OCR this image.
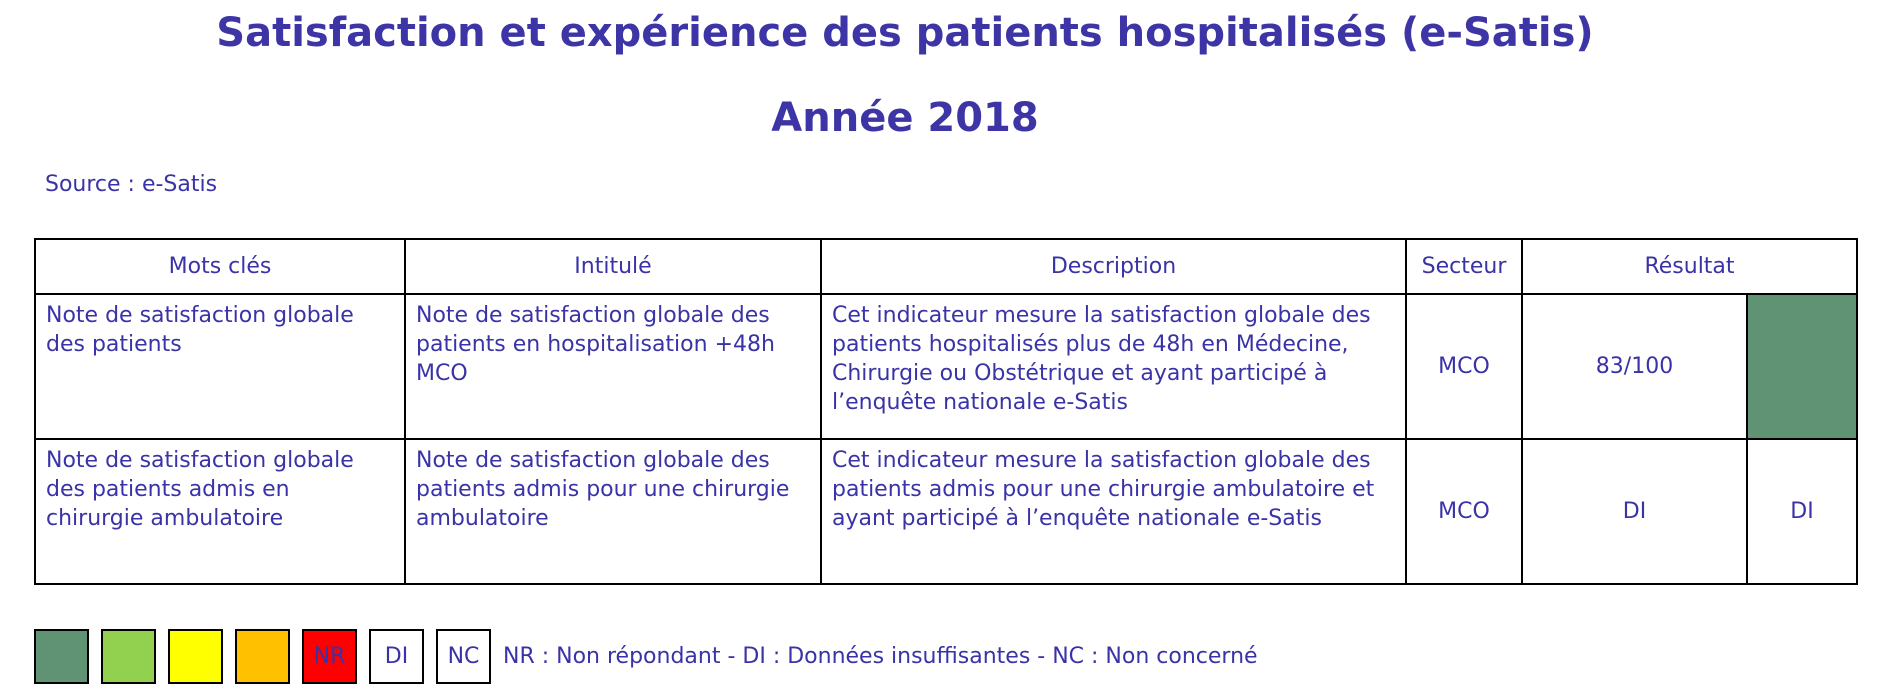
Satisfaction et expérience des patients hospitalisés (e-Satis)
Année 2018
Source : e-Satis
Mots clés	Intitulé	Description	Secteur	Résultat	
Note de satisfaction globale des patients	Note de satisfaction globale des patients en hospitalisation +48h MCO	Cet indicateur mesure la satisfaction globale des patients hospitalisés plus de 48h en Médecine, Chirurgie ou Obstétrique et ayant participé à l’enquête nationale e-Satis	MCO	83/100	
Note de satisfaction globale des patients admis en chirurgie ambulatoire	Note de satisfaction globale des patients admis pour une chirurgie ambulatoire	Cet indicateur mesure la satisfaction globale des patients admis pour une chirurgie ambulatoire et ayant participé à l’enquête nationale e-Satis	MCO	DI	DI
NR	DI	NC	NR : Non répondant - DI : Données insuffisantes - NC : Non concerné
